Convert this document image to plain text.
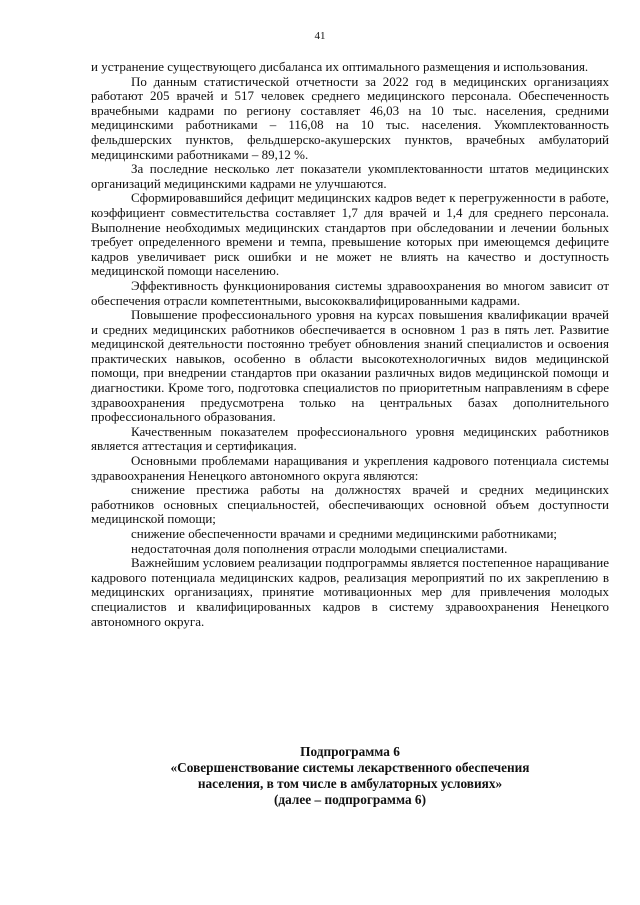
41

и устранение существующего дисбаланса их оптимального размещения и использования.

По данным статистической отчетности за 2022 год в медицинских организациях работают 205 врачей и 517 человек среднего медицинского персонала. Обеспеченность врачебными кадрами по региону составляет 46,03 на 10 тыс. населения, средними медицинскими работниками – 116,08 на 10 тыс. населения. Укомплектованность фельдшерских пунктов, фельдшерско-акушерских пунктов, врачебных амбулаторий медицинскими работниками – 89,12 %.

За последние несколько лет показатели укомплектованности штатов медицинских организаций медицинскими кадрами не улучшаются.

Сформировавшийся дефицит медицинских кадров ведет к перегруженности в работе, коэффициент совместительства составляет 1,7 для врачей и 1,4 для среднего персонала. Выполнение необходимых медицинских стандартов при обследовании и лечении больных требует определенного времени и темпа, превышение которых при имеющемся дефиците кадров увеличивает риск ошибки и не может не влиять на качество и доступность медицинской помощи населению.

Эффективность функционирования системы здравоохранения во многом зависит от обеспечения отрасли компетентными, высококвалифицированными кадрами.

Повышение профессионального уровня на курсах повышения квалификации врачей и средних медицинских работников обеспечивается в основном 1 раз в пять лет. Развитие медицинской деятельности постоянно требует обновления знаний специалистов и освоения практических навыков, особенно в области высокотехнологичных видов медицинской помощи, при внедрении стандартов при оказании различных видов медицинской помощи и диагностики. Кроме того, подготовка специалистов по приоритетным направлениям в сфере здравоохранения предусмотрена только на центральных базах дополнительного профессионального образования.

Качественным показателем профессионального уровня медицинских работников является аттестация и сертификация.

Основными проблемами наращивания и укрепления кадрового потенциала системы здравоохранения Ненецкого автономного округа являются:

снижение престижа работы на должностях врачей и средних медицинских работников основных специальностей, обеспечивающих основной объем доступности медицинской помощи;

снижение обеспеченности врачами и средними медицинскими работниками;

недостаточная доля пополнения отрасли молодыми специалистами.

Важнейшим условием реализации подпрограммы является постепенное наращивание кадрового потенциала медицинских кадров, реализация мероприятий по их закреплению в медицинских организациях, принятие мотивационных мер для привлечения молодых специалистов и квалифицированных кадров в систему здравоохранения Ненецкого автономного округа.

Подпрограмма 6
«Совершенствование системы лекарственного обеспечения
населения, в том числе в амбулаторных условиях»
(далее – подпрограмма 6)
